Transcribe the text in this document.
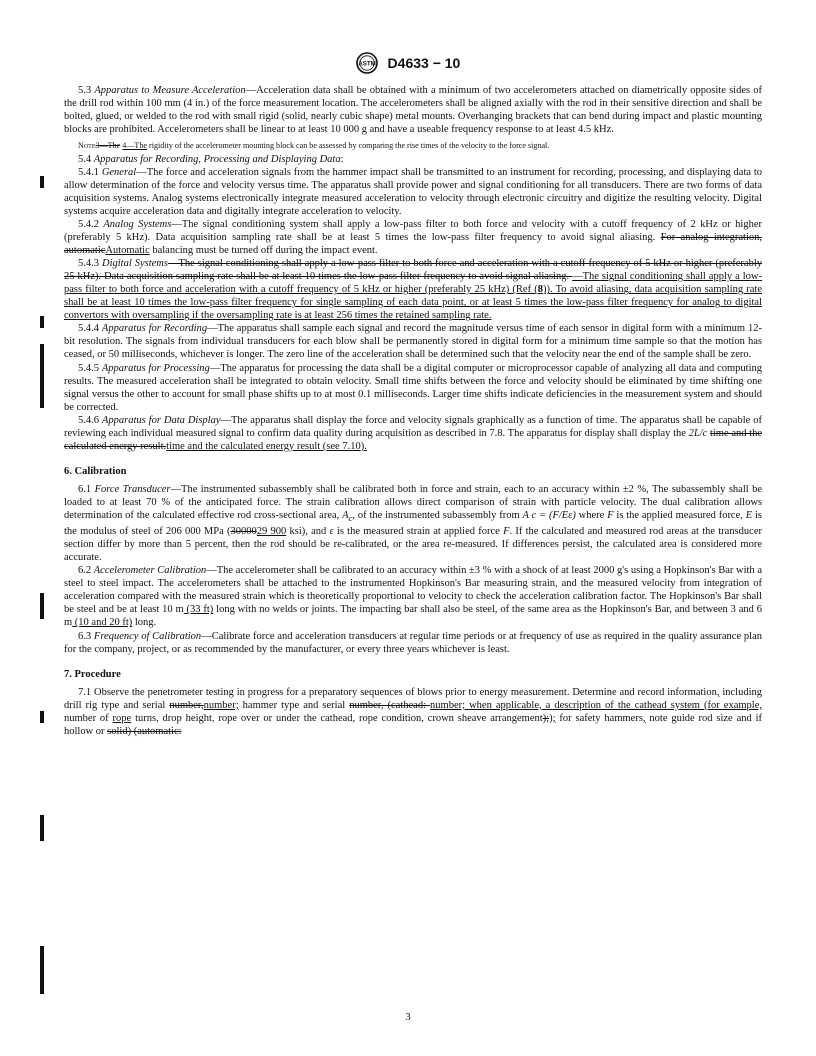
ASTM D4633 − 10

5.3 Apparatus to Measure Acceleration—Acceleration data shall be obtained with a minimum of two accelerometers attached on diametrically opposite sides of the drill rod within 100 mm (4 in.) of the force measurement location. The accelerometers shall be aligned axially with the rod in their sensitive direction and shall be bolted, glued, or welded to the rod with small rigid (solid, nearly cubic shape) metal mounts. Overhanging brackets that can bend during impact and plastic mounting blocks are prohibited. Accelerometers shall be linear to at least 10 000 g and have a useable frequency response to at least 4.5 kHz.

Note3—The 4—The rigidity of the accelerometer mounting block can be assessed by comparing the rise times of the velocity to the force signal.

5.4 Apparatus for Recording, Processing and Displaying Data:

5.4.1 General—The force and acceleration signals from the hammer impact shall be transmitted to an instrument for recording, processing, and displaying data to allow determination of the force and velocity versus time. The apparatus shall provide power and signal conditioning for all transducers. There are two forms of data acquisition systems. Analog systems electronically integrate measured acceleration to velocity through electronic circuitry and digitize the resulting velocity. Digital systems acquire acceleration data and digitally integrate acceleration to velocity.

5.4.2 Analog Systems—The signal conditioning system shall apply a low-pass filter to both force and velocity with a cutoff frequency of 2 kHz or higher (preferably 5 kHz). Data acquisition sampling rate shall be at least 5 times the low-pass filter frequency to avoid signal aliasing. For analog integration, automaticAutomatic balancing must be turned off during the impact event.

5.4.3 Digital Systems—The signal conditioning shall apply a low-pass filter to both force and acceleration with a cutoff frequency of 5 kHz or higher (preferably 25 kHz). Data acquisition sampling rate shall be at least 10 times the low-pass filter frequency to avoid signal aliasing. —The signal conditioning shall apply a low-pass filter to both force and acceleration with a cutoff frequency of 5 kHz or higher (preferably 25 kHz) (Ref (8)). To avoid aliasing, data acquisition sampling rate shall be at least 10 times the low-pass filter frequency for single sampling of each data point, or at least 5 times the low-pass filter frequency for analog to digital convertors with oversampling if the oversampling rate is at least 256 times the retained sampling rate.

5.4.4 Apparatus for Recording—The apparatus shall sample each signal and record the magnitude versus time of each sensor in digital form with a minimum 12-bit resolution. The signals from individual transducers for each blow shall be permanently stored in digital form for a minimum time sample so that the motion has ceased, or 50 milliseconds, whichever is longer. The zero line of the acceleration shall be determined such that the velocity near the end of the sample shall be zero.

5.4.5 Apparatus for Processing—The apparatus for processing the data shall be a digital computer or microprocessor capable of analyzing all data and computing results. The measured acceleration shall be integrated to obtain velocity. Small time shifts between the force and velocity should be eliminated by time shifting one signal versus the other to account for small phase shifts up to at most 0.1 milliseconds. Larger time shifts indicate deficiencies in the measurement system and should be corrected.

5.4.6 Apparatus for Data Display—The apparatus shall display the force and velocity signals graphically as a function of time. The apparatus shall be capable of reviewing each individual measured signal to confirm data quality during acquisition as described in 7.8. The apparatus for display shall display the 2L/c time and the calculated energy result.time and the calculated energy result (see 7.10).

6. Calibration

6.1 Force Transducer—The instrumented subassembly shall be calibrated both in force and strain, each to an accuracy within ±2 %, The subassembly shall be loaded to at least 70 % of the anticipated force. The strain calibration allows direct comparison of strain with particle velocity. The dual calibration allows determination of the calculated effective rod cross-sectional area, $A_c$, of the instrumented subassembly from A c = (F/Eε) where F is the applied measured force, E is the modulus of steel of 206 000 MPa (3000029 900 ksi), and ε is the measured strain at applied force F. If the calculated and measured rod areas at the transducer section differ by more than 5 percent, then the rod should be re-calibrated, or the area re-measured. If differences persist, the calculated area is considered more accurate.

6.2 Accelerometer Calibration—The accelerometer shall be calibrated to an accuracy within ±3 % with a shock of at least 2000 g's using a Hopkinson's Bar with a steel to steel impact. The accelerometers shall be attached to the instrumented Hopkinson's Bar measuring strain, and the measured velocity from integration of acceleration compared with the measured strain which is theoretically proportional to velocity to check the acceleration calibration factor. The Hopkinson's Bar shall be steel and be at least 10 m (33 ft) long with no welds or joints. The impacting bar shall also be steel, of the same area as the Hopkinson's Bar, and between 3 and 6 m (10 and 20 ft) long.

6.3 Frequency of Calibration—Calibrate force and acceleration transducers at regular time periods or at frequency of use as required in the quality assurance plan for the company, project, or as recommended by the manufacturer, or every three years whichever is least.

7. Procedure

7.1 Observe the penetrometer testing in progress for a preparatory sequences of blows prior to energy measurement. Determine and record information, including drill rig type and serial number,number; hammer type and serial number, (cathead: number; when applicable, a description of the cathead system (for example, number of rope turns, drop height, rope over or under the cathead, rope condition, crown sheave arrangement);); for safety hammers, note guide rod size and if hollow or solid) (automatic:

3
